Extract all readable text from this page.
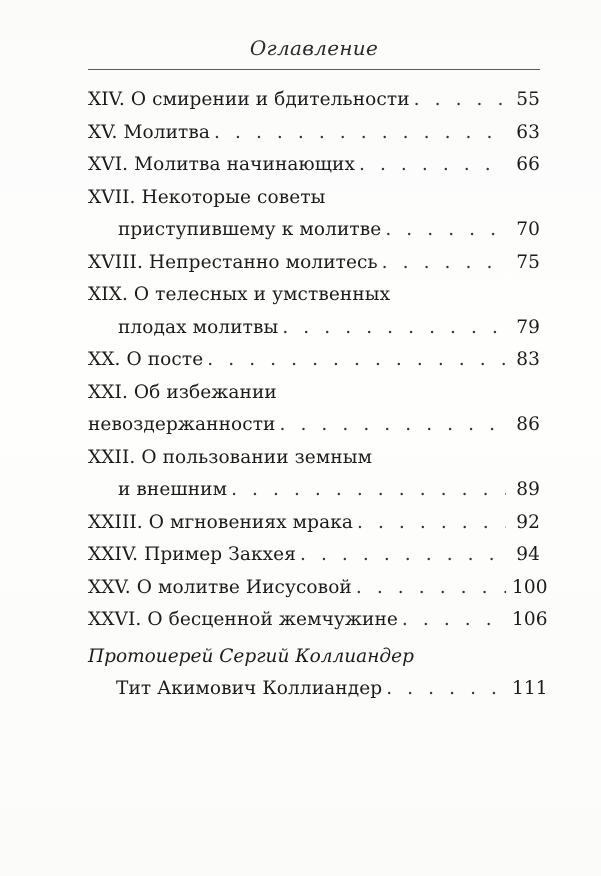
Оглавление
XIV. О смирении и бдительности . . .	55
XV. Молитва . . .	63
XVI. Молитва начинающих . . .	66
XVII. Некоторые советы
приступившему к молитве . . .	70
XVIII. Непрестанно молитесь . . .	75
XIX. О телесных и умственных
плодах молитвы . . .	79
XX. О посте . . .	83
XXI. Об избежании
невоздержанности . . .	86
XXII. О пользовании земным
и внешним . . .	89
XXIII. О мгновениях мрака . . .	92
XXIV. Пример Закхея . . .	94
XXV. О молитве Иисусовой . . .	100
XXVI. О бесценной жемчужине . . .	106
Протоиерей Сергий Коллиандер
Тит Акимович Коллиандер . . .	111
